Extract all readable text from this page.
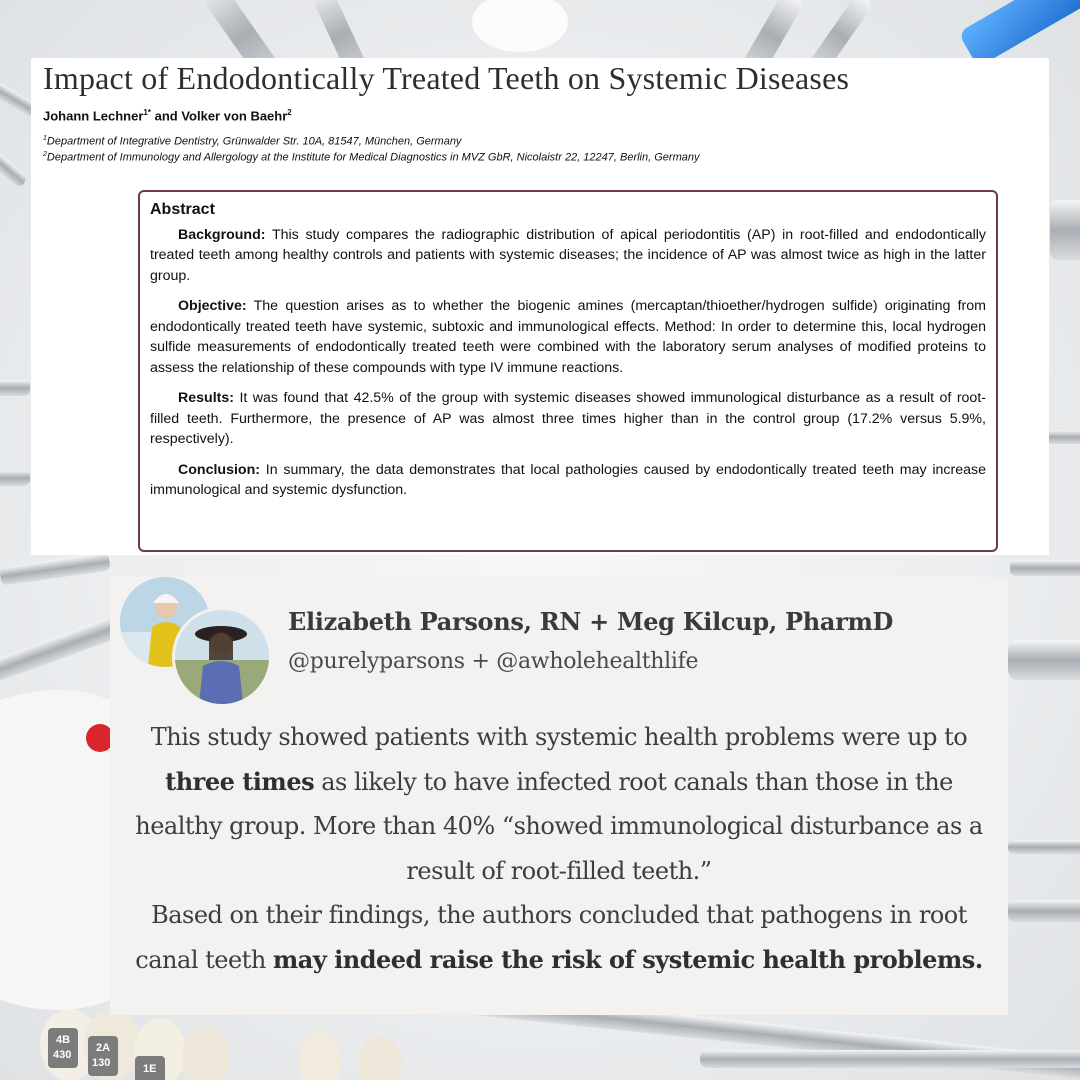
4B
430
2A
130	1E
Impact of Endodontically Treated Teeth on Systemic Diseases

Johann Lechner$^{1*}$ and Volker von Baehr$^2$

$^1$Department of Integrative Dentistry, Grünwalder Str. 10A, 81547, München, Germany

$^2$Department of Immunology and Allergology at the Institute for Medical Diagnostics in MVZ GbR, Nicolaistr 22, 12247, Berlin, Germany

Abstract

Background: This study compares the radiographic distribution of apical periodontitis (AP) in root-filled and endodontically treated teeth among healthy controls and patients with systemic diseases; the incidence of AP was almost twice as high in the latter group.

Objective: The question arises as to whether the biogenic amines (mercaptan/thioether/hydrogen sulfide) originating from endodontically treated teeth have systemic, subtoxic and immunological effects. Method: In order to determine this, local hydrogen sulfide measurements of endodontically treated teeth were combined with the laboratory serum analyses of modified proteins to assess the relationship of these compounds with type IV immune reactions.

Results: It was found that 42.5% of the group with systemic diseases showed immunological disturbance as a result of root-filled teeth. Furthermore, the presence of AP was almost three times higher than in the control group (17.2% versus 5.9%, respectively).

Conclusion: In summary, the data demonstrates that local pathologies caused by endodontically treated teeth may increase immunological and systemic dysfunction.

Elizabeth Parsons, RN + Meg Kilcup, PharmD

@purelyparsons + @awholehealthlife

This study showed patients with systemic health problems were up to three times as likely to have infected root canals than those in the healthy group. More than 40% “showed immunological disturbance as a result of root-filled teeth.”
Based on their findings, the authors concluded that pathogens in root canal teeth may indeed raise the risk of systemic health problems.
